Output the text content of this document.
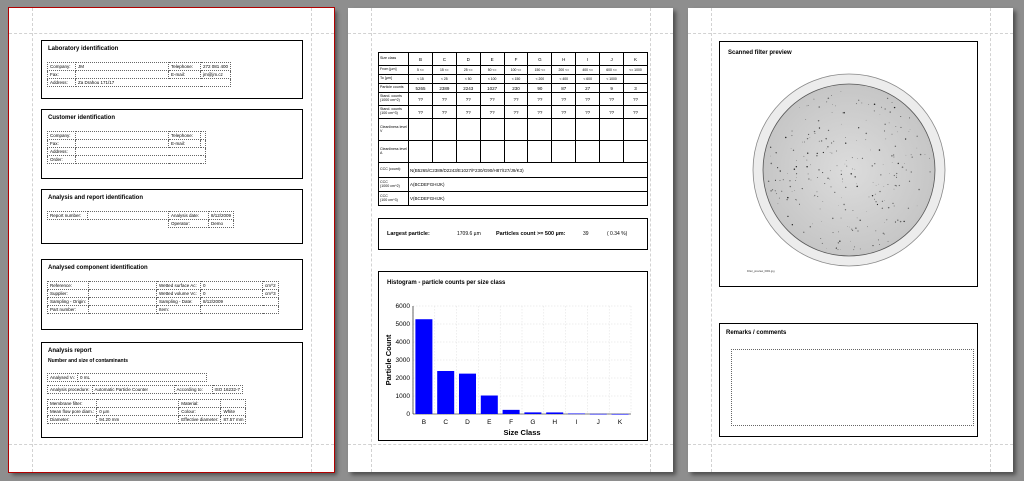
Laboratory identification
Company:	JM	Telephone:	272 081 400
Fax:		E-mail:	jm@jm.cz
Address:	Za Drahou 171/17		
Customer identification
Company:		Telephone:	
Fax:		E-mail:	
Address:			
Order:			
Analysis and report identification
Report number:		Analysis date:	8/12/2009
		Operator:	Demo
Analysed component identification
Reference:		Wetted surface Ac:	0	cm^2
Supplier:		Wetted volume Vc:	0	cm^3
Sampling - Origin:		Sampling - Date:	8/12/2009	
Part number:		Item:		
Analysis report
Number and size of contaminants
Analysed Vₗ:	0 mL
Analysis procedure:	Automatic Particle Counter	According to:	ISO 16232-7
Membrane filter:		Material:	
Mean flow pore diam.:	0 µm	Colour:	White
Diameter:	94.20 mm	Effective diameter:	87.57 mm
Size class	B	C	D	E	F	G	H	I	J	K
From [µm]	5 <=	15 <=	25 <=	50 <=	100 <=	150 <=	200 <=	400 <=	600 <=	<= 1000
To [µm]	< 15	< 25	< 50	< 100	< 150	< 200	< 400	< 600	< 1000	
Particle counts	5265	2389	2243	1027	230	90	87	27	9	3
Stand. counts (1000 cm^2)	??	??	??	??	??	??	??	??	??	??
Stand. counts (100 cm^3)	??	??	??	??	??	??	??	??	??	??
Cleanliness level V										
Cleanliness level A										
CCC (count):	N(B5265/C2389/D2243/E1027/F230/G90/H87/I27/J9/K3)									
CCC
(1000 cm^2)	A(BCDEFGHIJK)									
CCC
(100 cm^3)	V(BCDEFGHIJK)									
Largest particle:	1709.6 µm	Particles count >= 500 µm:	39	( 0.34 %)
Histogram - particle counts per size class
0
1000
2000
3000
4000
5000
6000
B	C	D	E	F	G	H	I	J	K
Size Class
Particle Count
Scanned filter preview
Filter_preview_0001.jpg
Remarks / comments
